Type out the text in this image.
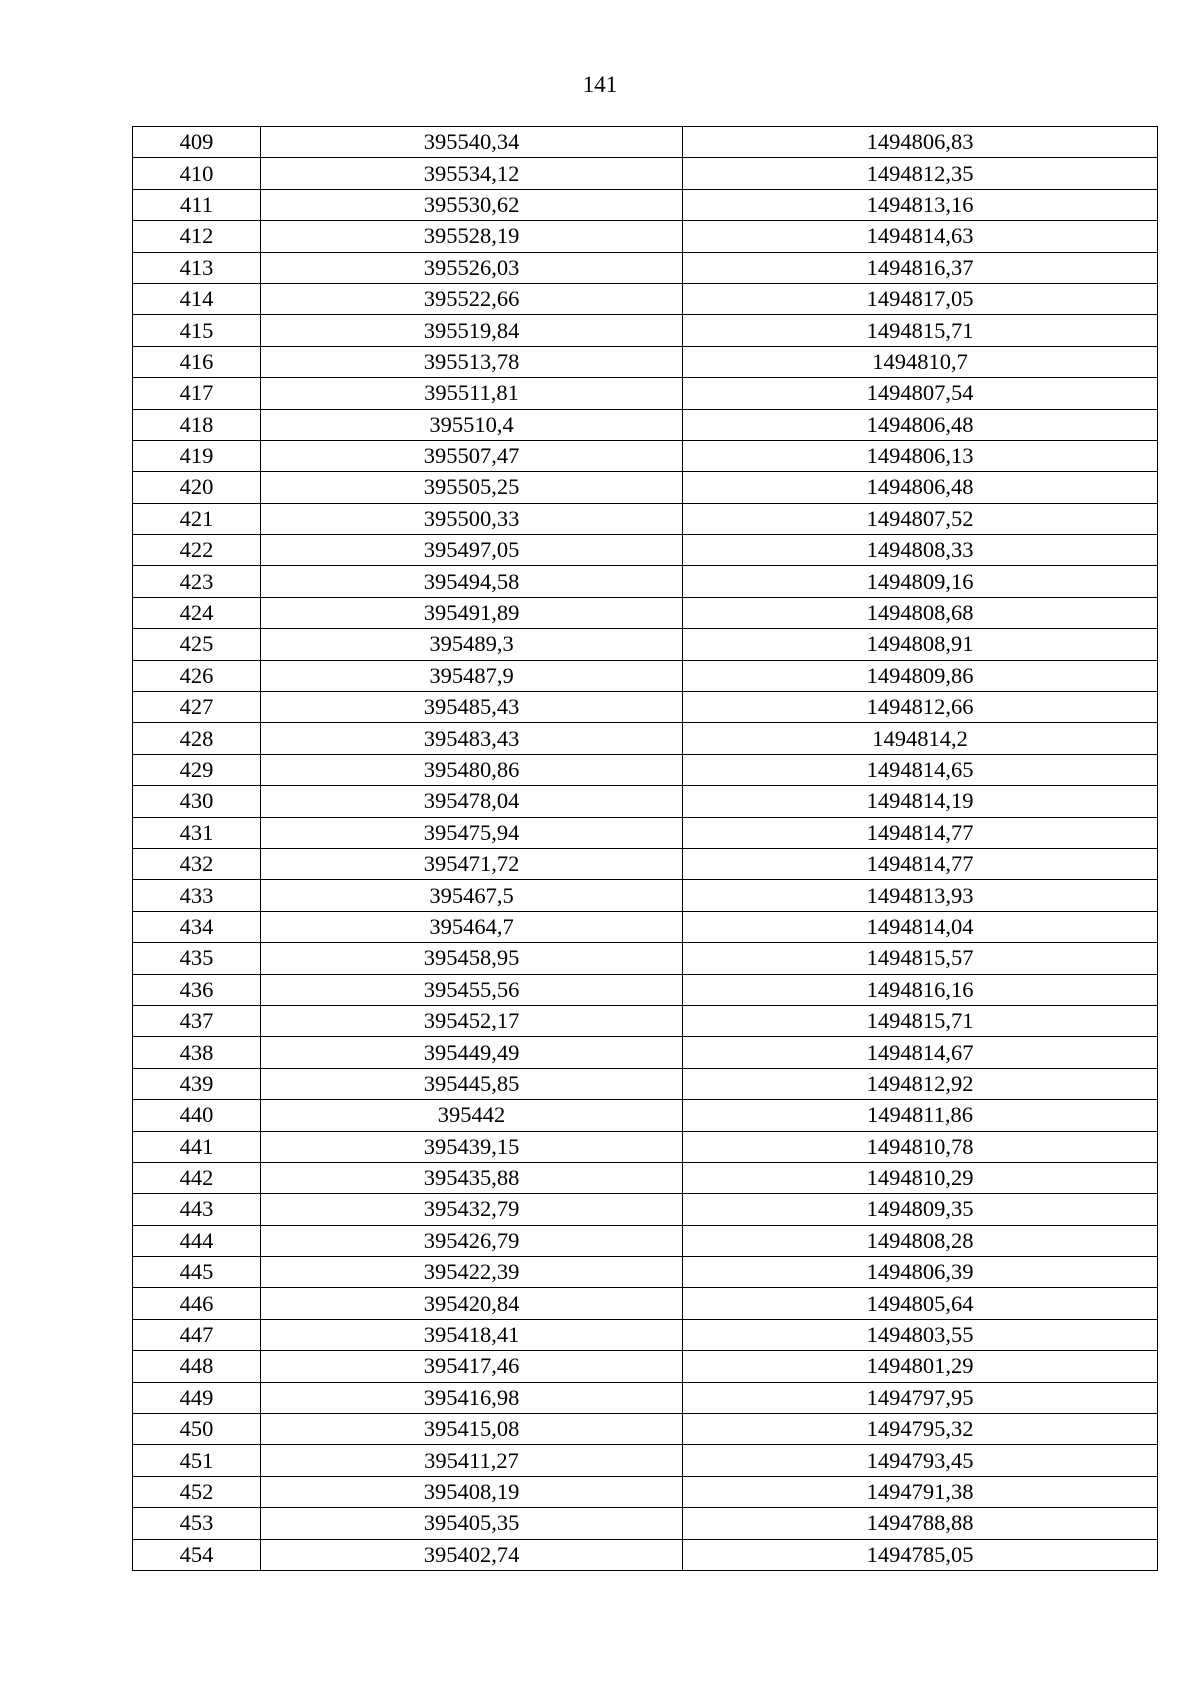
141
409	395540,34	1494806,83
410	395534,12	1494812,35
411	395530,62	1494813,16
412	395528,19	1494814,63
413	395526,03	1494816,37
414	395522,66	1494817,05
415	395519,84	1494815,71
416	395513,78	1494810,7
417	395511,81	1494807,54
418	395510,4	1494806,48
419	395507,47	1494806,13
420	395505,25	1494806,48
421	395500,33	1494807,52
422	395497,05	1494808,33
423	395494,58	1494809,16
424	395491,89	1494808,68
425	395489,3	1494808,91
426	395487,9	1494809,86
427	395485,43	1494812,66
428	395483,43	1494814,2
429	395480,86	1494814,65
430	395478,04	1494814,19
431	395475,94	1494814,77
432	395471,72	1494814,77
433	395467,5	1494813,93
434	395464,7	1494814,04
435	395458,95	1494815,57
436	395455,56	1494816,16
437	395452,17	1494815,71
438	395449,49	1494814,67
439	395445,85	1494812,92
440	395442	1494811,86
441	395439,15	1494810,78
442	395435,88	1494810,29
443	395432,79	1494809,35
444	395426,79	1494808,28
445	395422,39	1494806,39
446	395420,84	1494805,64
447	395418,41	1494803,55
448	395417,46	1494801,29
449	395416,98	1494797,95
450	395415,08	1494795,32
451	395411,27	1494793,45
452	395408,19	1494791,38
453	395405,35	1494788,88
454	395402,74	1494785,05
